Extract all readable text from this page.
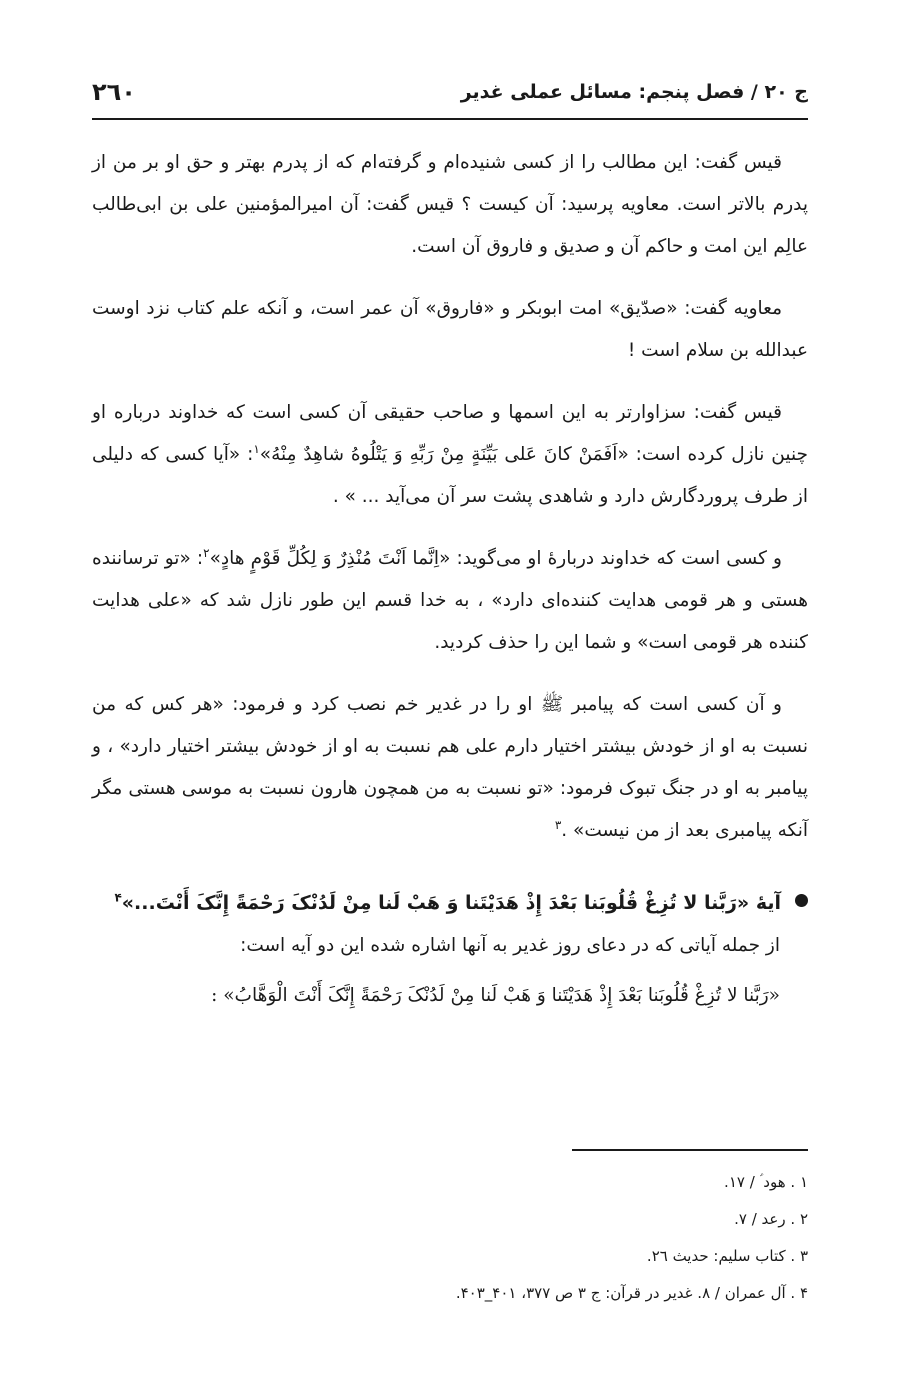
ج ۲۰ / فصل پنجم: مسائل عملی غدیر
۲٦۰

قیس گفت: این مطالب را از کسی شنیده‌ام و گرفته‌ام که از پدرم بهتر و حق او بر من از پدرم بالاتر است. معاویه پرسید: آن کیست ؟ قیس گفت: آن امیرالمؤمنین علی بن ابی‌طالب عالِم این امت و حاکم آن و صدیق و فاروق آن است.

معاویه گفت: «صدّیق» امت ابوبکر و «فاروق» آن عمر است، و آنکه علم کتاب نزد اوست عبدالله بن سلام است !

قیس گفت: سزاوارتر به این اسمها و صاحب حقیقی آن کسی است که خداوند درباره او چنین نازل کرده است: «اَفَمَنْ کانَ عَلى بَیِّنَةٍ مِنْ رَبِّهِ وَ یَتْلُوهُ شاهِدٌ مِنْهُ»$^۱$: «آیا کسی که دلیلی از طرف پروردگارش دارد و شاهدی پشت سر آن می‌آید ... » .

و کسی است که خداوند دربارهٔ او می‌گوید: «اِنَّما اَنْتَ مُنْذِرٌ وَ لِکُلِّ قَوْمٍ هادٍ»$^۲$: «تو ترساننده هستی و هر قومی هدایت کننده‌ای دارد» ، به خدا قسم این طور نازل شد که «علی هدایت کننده هر قومی است» و شما این را حذف کردید.

و آن کسی است که پیامبر ﷺ او را در غدیر خم نصب کرد و فرمود: «هر کس که من نسبت به او از خودش بیشتر اختیار دارم علی هم نسبت به او از خودش بیشتر اختیار دارد» ، و پیامبر به او در جنگ تبوک فرمود: «تو نسبت به من همچون هارون نسبت به موسی هستی مگر آنکه پیامبری بعد از من نیست» .$^۳$

آیهٔ «رَبَّنا لا تُزِغْ قُلُوبَنا بَعْدَ إِذْ هَدَیْتَنا وَ هَبْ لَنا مِنْ لَدُنْکَ رَحْمَةً إِنَّکَ أَنْتَ...»$^۴$
از جمله آیاتی که در دعای روز غدیر به آنها اشاره شده این دو آیه است:
«رَبَّنا لا تُزِغْ قُلُوبَنا بَعْدَ إِذْ هَدَیْتَنا وَ هَبْ لَنا مِنْ لَدُنْکَ رَحْمَةً إِنَّکَ أَنْتَ الْوَهَّابُ» :
۱ . هود ؑ / ۱۷.
۲ . رعد / ۷.
۳ . کتاب سلیم: حدیث ۲٦.
۴ . آل عمران / ۸. غدیر در قرآن: ج ۳ ص ۳۷۷، ۴۰۱_۴۰۳.
